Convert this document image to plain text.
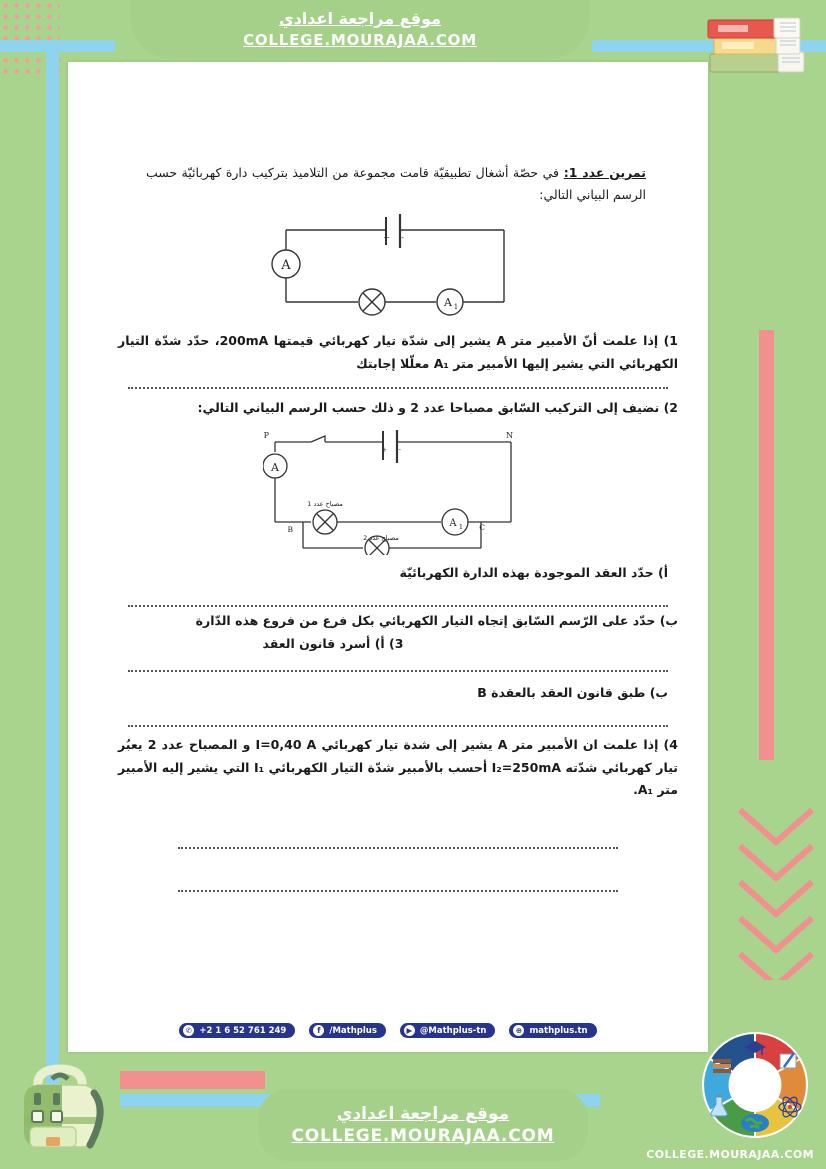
تمرين عدد 1: في حصّة أشغال تطبيقيّة قامت مجموعة من التلاميذ بتركيب دارة كهربائيّة حسب الرسم البياني التالي:
A
A 1
+ -
1) إذا علمت أنّ الأمبير متر A يشير إلى شدّة تيار كهربائي قيمتها 200mA، حدّد شدّة التيار الكهربائي التي يشير إليها الأمبير متر A₁ معلّلا إجابتك
2) نضيف إلى التركيب السّابق مصباحا عدد 2 و ذلك حسب الرسم البياني التالي:
A
A 1
P	N
B	C
+ -
مصباح عدد 1
مصباح عدد 2
أ) حدّد العقد الموجودة بهذه الدارة الكهربائيّة
ب) حدّد على الرّسم السّابق إتجاه التيار الكهربائي بكل فرع من فروع هذه الدّارة
3) أ) أسرد قانون العقد
ب) طبق قانون العقد بالعقدة B
4) إذا علمت ان الأمبير متر A يشير إلى شدة تيار كهربائي I=0,40 A و المصباح عدد 2 يعبُر تيار كهربائي شدّته I₂=250mA أحسب بالأمبير شدّة التيار الكهربائي I₁ التي يشير إليه الأمبير متر A₁.
✆ +2 1 6 52 761 249	f	/Mathplus	▶ @Mathplus-tn	⊕ mathplus.tn
موقع مراجعة اعدادي
COLLEGE.MOURAJAA.COM
موقع مراجعة اعدادي
COLLEGE.MOURAJAA.COM
COLLEGE.MOURAJAA.COM
